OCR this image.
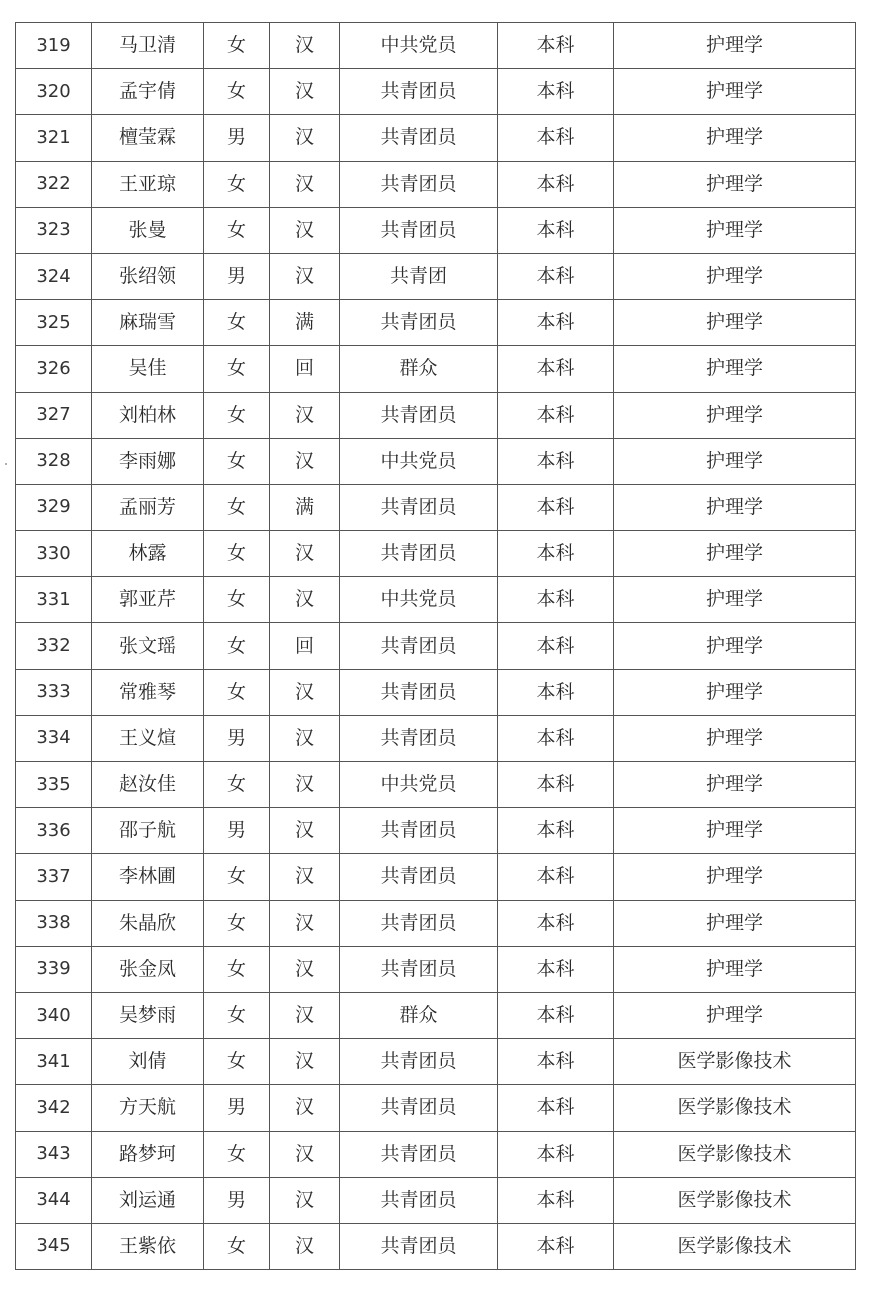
319	马卫清	女	汉	中共党员	本科	护理学
320	孟宇倩	女	汉	共青团员	本科	护理学
321	檀莹霖	男	汉	共青团员	本科	护理学
322	王亚琼	女	汉	共青团员	本科	护理学
323	张曼	女	汉	共青团员	本科	护理学
324	张绍领	男	汉	共青团	本科	护理学
325	麻瑞雪	女	满	共青团员	本科	护理学
326	吴佳	女	回	群众	本科	护理学
327	刘柏林	女	汉	共青团员	本科	护理学
328	李雨娜	女	汉	中共党员	本科	护理学
329	孟丽芳	女	满	共青团员	本科	护理学
330	林露	女	汉	共青团员	本科	护理学
331	郭亚芹	女	汉	中共党员	本科	护理学
332	张文瑶	女	回	共青团员	本科	护理学
333	常雅琴	女	汉	共青团员	本科	护理学
334	王义煊	男	汉	共青团员	本科	护理学
335	赵汝佳	女	汉	中共党员	本科	护理学
336	邵子航	男	汉	共青团员	本科	护理学
337	李林圃	女	汉	共青团员	本科	护理学
338	朱晶欣	女	汉	共青团员	本科	护理学
339	张金凤	女	汉	共青团员	本科	护理学
340	吴梦雨	女	汉	群众	本科	护理学
341	刘倩	女	汉	共青团员	本科	医学影像技术
342	方天航	男	汉	共青团员	本科	医学影像技术
343	路梦珂	女	汉	共青团员	本科	医学影像技术
344	刘运通	男	汉	共青团员	本科	医学影像技术
345	王紫依	女	汉	共青团员	本科	医学影像技术
